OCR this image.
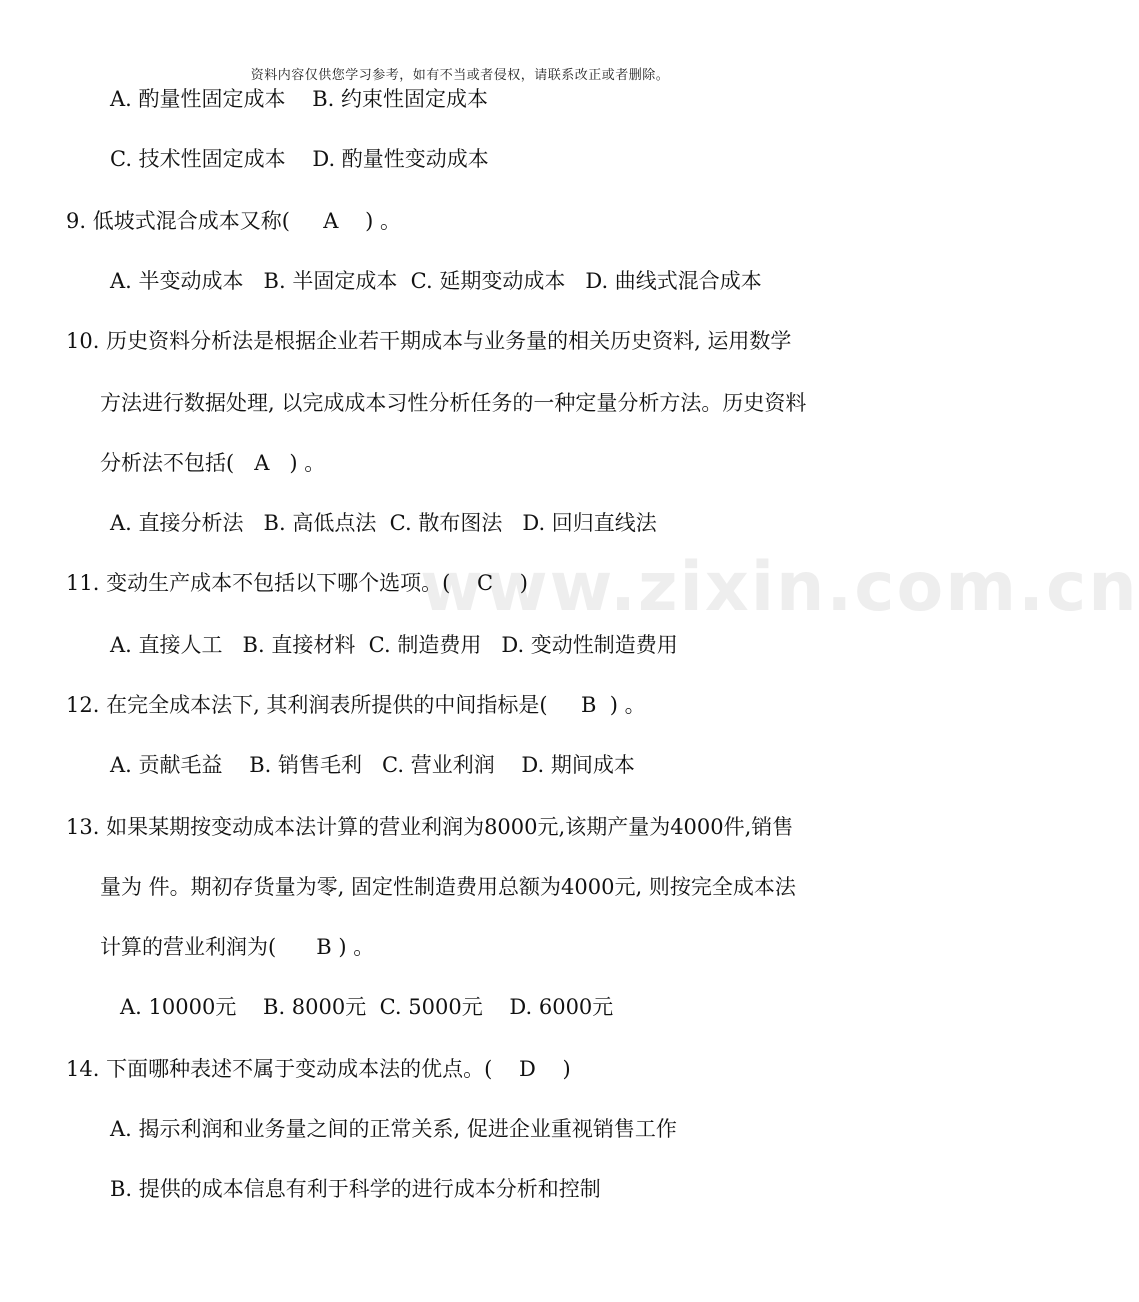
资料内容仅供您学习参考，如有不当或者侵权，请联系改正或者删除。
www.zixin.com.cn
A. 酌量性固定成本    B. 约束性固定成本
C. 技术性固定成本    D. 酌量性变动成本
9. 低坡式混合成本又称(     A    ) 。
A. 半变动成本   B. 半固定成本  C. 延期变动成本   D. 曲线式混合成本
10. 历史资料分析法是根据企业若干期成本与业务量的相关历史资料, 运用数学
方法进行数据处理, 以完成成本习性分析任务的一种定量分析方法。历史资料
分析法不包括(   A   ) 。
A. 直接分析法   B. 高低点法  C. 散布图法   D. 回归直线法
11. 变动生产成本不包括以下哪个选项。(    C    )
A. 直接人工   B. 直接材料  C. 制造费用   D. 变动性制造费用
12. 在完全成本法下, 其利润表所提供的中间指标是(     B  ) 。
A. 贡献毛益    B. 销售毛利   C. 营业利润    D. 期间成本
13. 如果某期按变动成本法计算的营业利润为8000元,该期产量为4000件,销售
量为 件。期初存货量为零, 固定性制造费用总额为4000元, 则按完全成本法
计算的营业利润为(      B ) 。
A. 10000元    B. 8000元  C. 5000元    D. 6000元
14. 下面哪种表述不属于变动成本法的优点。(    D    )
A. 揭示利润和业务量之间的正常关系, 促进企业重视销售工作
B. 提供的成本信息有利于科学的进行成本分析和控制
